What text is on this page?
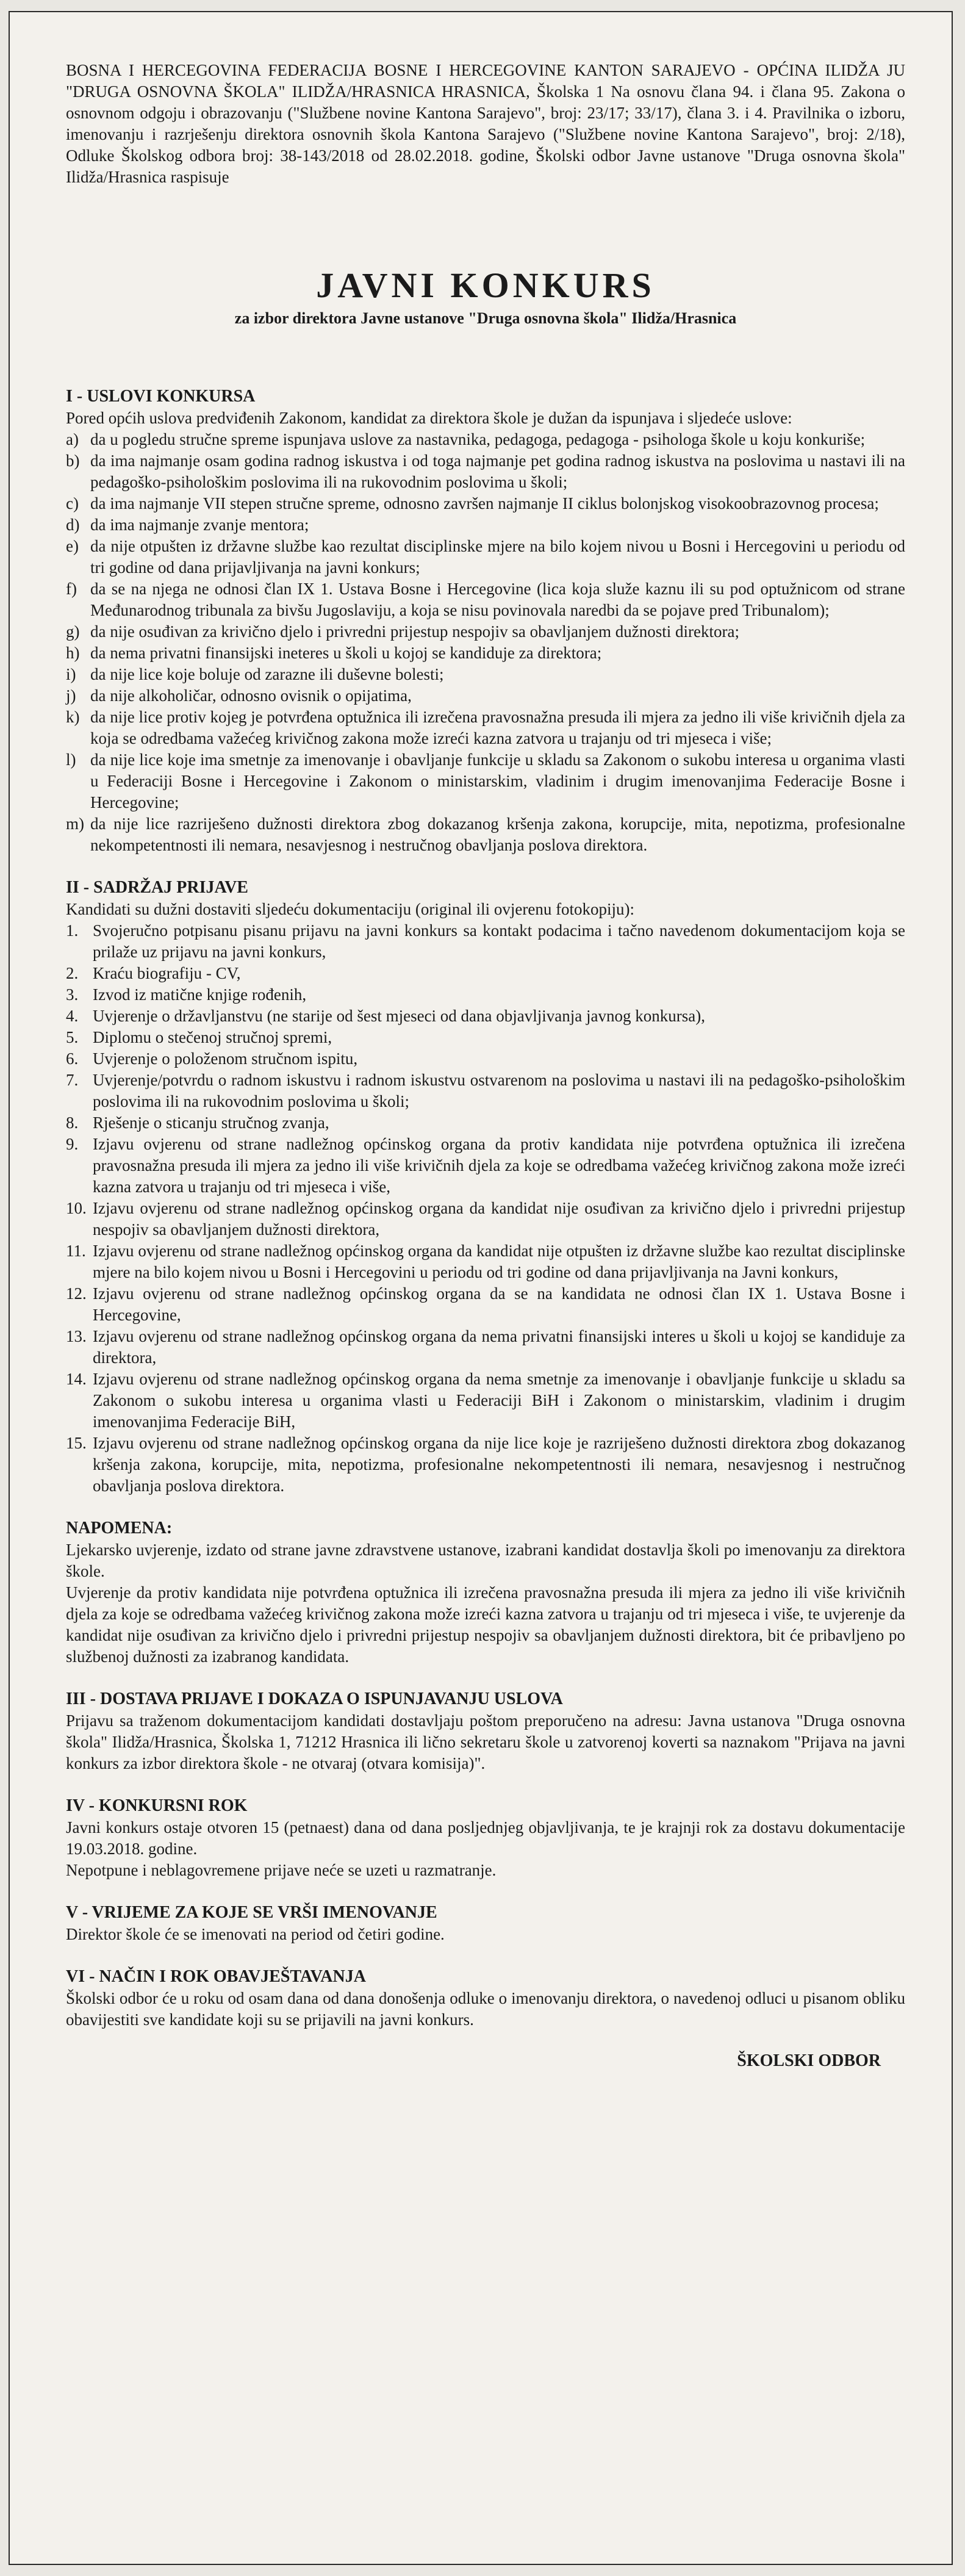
BOSNA I HERCEGOVINA FEDERACIJA BOSNE I HERCEGOVINE KANTON SARAJEVO - OPĆINA ILIDŽA JU "DRUGA OSNOVNA ŠKOLA" ILIDŽA/HRASNICA HRASNICA, Školska 1 Na osnovu člana 94. i člana 95. Zakona o osnovnom odgoju i obrazovanju ("Službene novine Kantona Sarajevo", broj: 23/17; 33/17), člana 3. i 4. Pravilnika o izboru, imenovanju i razrješenju direktora osnovnih škola Kantona Sarajevo ("Službene novine Kantona Sarajevo", broj: 2/18), Odluke Školskog odbora broj: 38-143/2018 od 28.02.2018. godine, Školski odbor Javne ustanove "Druga osnovna škola" Ilidža/Hrasnica raspisuje

JAVNI KONKURS
za izbor direktora Javne ustanove "Druga osnovna škola" Ilidža/Hrasnica
I - USLOVI KONKURSA

Pored općih uslova predviđenih Zakonom, kandidat za direktora škole je dužan da ispunjava i sljedeće uslove:

a) da u pogledu stručne spreme ispunjava uslove za nastavnika, pedagoga, pedagoga - psihologa škole u koju konkuriše;
b) da ima najmanje osam godina radnog iskustva i od toga najmanje pet godina radnog iskustva na poslovima u nastavi ili na pedagoško-psihološkim poslovima ili na rukovodnim poslovima u školi;
c) da ima najmanje VII stepen stručne spreme, odnosno završen najmanje II ciklus bolonjskog visokoobrazovnog procesa;
d) da ima najmanje zvanje mentora;
e) da nije otpušten iz državne službe kao rezultat disciplinske mjere na bilo kojem nivou u Bosni i Hercegovini u periodu od tri godine od dana prijavljivanja na javni konkurs;
f) da se na njega ne odnosi član IX 1. Ustava Bosne i Hercegovine (lica koja služe kaznu ili su pod optužnicom od strane Međunarodnog tribunala za bivšu Jugoslaviju, a koja se nisu povinovala naredbi da se pojave pred Tribunalom);
g) da nije osuđivan za krivično djelo i privredni prijestup nespojiv sa obavljanjem dužnosti direktora;
h) da nema privatni finansijski ineteres u školi u kojoj se kandiduje za direktora;
i) da nije lice koje boluje od zarazne ili duševne bolesti;
j) da nije alkoholičar, odnosno ovisnik o opijatima,
k) da nije lice protiv kojeg je potvrđena optužnica ili izrečena pravosnažna presuda ili mjera za jedno ili više krivičnih djela za koja se odredbama važećeg krivičnog zakona može izreći kazna zatvora u trajanju od tri mjeseca i više;
l) da nije lice koje ima smetnje za imenovanje i obavljanje funkcije u skladu sa Zakonom o sukobu interesa u organima vlasti u Federaciji Bosne i Hercegovine i Zakonom o ministarskim, vladinim i drugim imenovanjima Federacije Bosne i Hercegovine;
m) da nije lice razriješeno dužnosti direktora zbog dokazanog kršenja zakona, korupcije, mita, nepotizma, profesionalne nekompetentnosti ili nemara, nesavjesnog i nestručnog obavljanja poslova direktora.
II - SADRŽAJ PRIJAVE

Kandidati su dužni dostaviti sljedeću dokumentaciju (original ili ovjerenu fotokopiju):

1. Svojeručno potpisanu pisanu prijavu na javni konkurs sa kontakt podacima i tačno navedenom dokumentacijom koja se prilaže uz prijavu na javni konkurs,
2. Kraću biografiju - CV,
3. Izvod iz matične knjige rođenih,
4. Uvjerenje o državljanstvu (ne starije od šest mjeseci od dana objavljivanja javnog konkursa),
5. Diplomu o stečenoj stručnoj spremi,
6. Uvjerenje o položenom stručnom ispitu,
7. Uvjerenje/potvrdu o radnom iskustvu i radnom iskustvu ostvarenom na poslovima u nastavi ili na pedagoško-psihološkim poslovima ili na rukovodnim poslovima u školi;
8. Rješenje o sticanju stručnog zvanja,
9. Izjavu ovjerenu od strane nadležnog općinskog organa da protiv kandidata nije potvrđena optužnica ili izrečena pravosnažna presuda ili mjera za jedno ili više krivičnih djela za koje se odredbama važećeg krivičnog zakona može izreći kazna zatvora u trajanju od tri mjeseca i više,
10. Izjavu ovjerenu od strane nadležnog općinskog organa da kandidat nije osuđivan za krivično djelo i privredni prijestup nespojiv sa obavljanjem dužnosti direktora,
11. Izjavu ovjerenu od strane nadležnog općinskog organa da kandidat nije otpušten iz državne službe kao rezultat disciplinske mjere na bilo kojem nivou u Bosni i Hercegovini u periodu od tri godine od dana prijavljivanja na Javni konkurs,
12. Izjavu ovjerenu od strane nadležnog općinskog organa da se na kandidata ne odnosi član IX 1. Ustava Bosne i Hercegovine,
13. Izjavu ovjerenu od strane nadležnog općinskog organa da nema privatni finansijski interes u školi u kojoj se kandiduje za direktora,
14. Izjavu ovjerenu od strane nadležnog općinskog organa da nema smetnje za imenovanje i obavljanje funkcije u skladu sa Zakonom o sukobu interesa u organima vlasti u Federaciji BiH i Zakonom o ministarskim, vladinim i drugim imenovanjima Federacije BiH,
15. Izjavu ovjerenu od strane nadležnog općinskog organa da nije lice koje je razriješeno dužnosti direktora zbog dokazanog kršenja zakona, korupcije, mita, nepotizma, profesionalne nekompetentnosti ili nemara, nesavjesnog i nestručnog obavljanja poslova direktora.
NAPOMENA:

Ljekarsko uvjerenje, izdato od strane javne zdravstvene ustanove, izabrani kandidat dostavlja školi po imenovanju za direktora škole.

Uvjerenje da protiv kandidata nije potvrđena optužnica ili izrečena pravosnažna presuda ili mjera za jedno ili više krivičnih djela za koje se odredbama važećeg krivičnog zakona može izreći kazna zatvora u trajanju od tri mjeseca i više, te uvjerenje da kandidat nije osuđivan za krivično djelo i privredni prijestup nespojiv sa obavljanjem dužnosti direktora, bit će pribavljeno po službenoj dužnosti za izabranog kandidata.

III - DOSTAVA PRIJAVE I DOKAZA O ISPUNJAVANJU USLOVA

Prijavu sa traženom dokumentacijom kandidati dostavljaju poštom preporučeno na adresu: Javna ustanova "Druga osnovna škola" Ilidža/Hrasnica, Školska 1, 71212 Hrasnica ili lično sekretaru škole u zatvorenoj koverti sa naznakom "Prijava na javni konkurs za izbor direktora škole - ne otvaraj (otvara komisija)".

IV - KONKURSNI ROK

Javni konkurs ostaje otvoren 15 (petnaest) dana od dana posljednjeg objavljivanja, te je krajnji rok za dostavu dokumentacije 19.03.2018. godine.

Nepotpune i neblagovremene prijave neće se uzeti u razmatranje.

V - VRIJEME ZA KOJE SE VRŠI IMENOVANJE

Direktor škole će se imenovati na period od četiri godine.

VI - NAČIN I ROK OBAVJEŠTAVANJA

Školski odbor će u roku od osam dana od dana donošenja odluke o imenovanju direktora, o navedenoj odluci u pisanom obliku obavijestiti sve kandidate koji su se prijavili na javni konkurs.

ŠKOLSKI ODBOR
